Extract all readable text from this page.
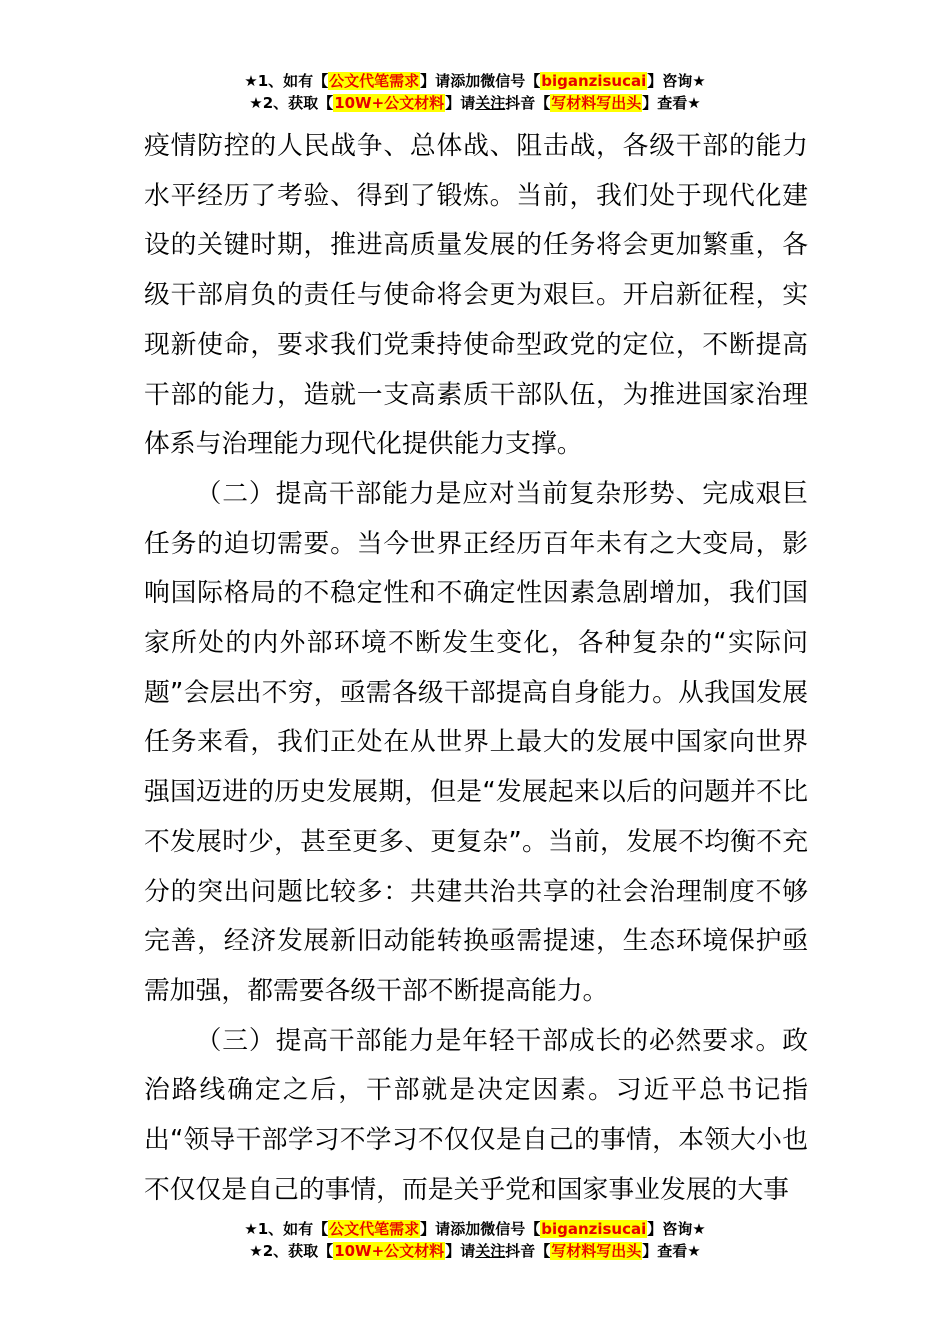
★1、如有【公文代笔需求】请添加微信号【biganzisucai】咨询★
★2、获取【10W+公文材料】请关注抖音【写材料写出头】查看★

疫情防控的人民战争、总体战、阻击战，各级干部的能力水平经历了考验、得到了锻炼。当前，我们处于现代化建设的关键时期，推进高质量发展的任务将会更加繁重，各级干部肩负的责任与使命将会更为艰巨。开启新征程，实现新使命，要求我们党秉持使命型政党的定位，不断提高干部的能力，造就一支高素质干部队伍，为推进国家治理体系与治理能力现代化提供能力支撑。

（二）提高干部能力是应对当前复杂形势、完成艰巨任务的迫切需要。当今世界正经历百年未有之大变局，影响国际格局的不稳定性和不确定性因素急剧增加，我们国家所处的内外部环境不断发生变化，各种复杂的“实际问题”会层出不穷，亟需各级干部提高自身能力。从我国发展任务来看，我们正处在从世界上最大的发展中国家向世界强国迈进的历史发展期，但是“发展起来以后的问题并不比不发展时少，甚至更多、更复杂”。当前，发展不均衡不充分的突出问题比较多：共建共治共享的社会治理制度不够完善，经济发展新旧动能转换亟需提速，生态环境保护亟需加强，都需要各级干部不断提高能力。

（三）提高干部能力是年轻干部成长的必然要求。政治路线确定之后，干部就是决定因素。习近平总书记指出“领导干部学习不学习不仅仅是自己的事情，本领大小也不仅仅是自己的事情，而是关乎党和国家事业发展的大事

★1、如有【公文代笔需求】请添加微信号【biganzisucai】咨询★
★2、获取【10W+公文材料】请关注抖音【写材料写出头】查看★
